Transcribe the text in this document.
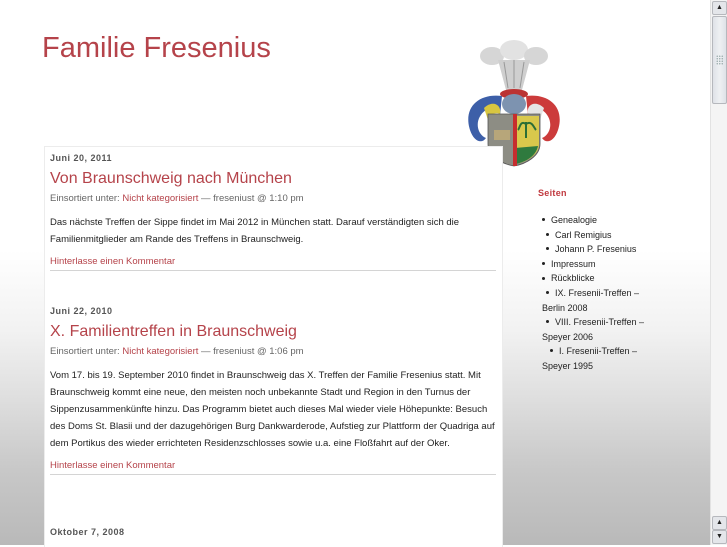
Familie Fresenius
Juni 20, 2011
Von Braunschweig nach München
Einsortiert unter: Nicht kategorisiert — freseniust @ 1:10 pm
Das nächste Treffen der Sippe findet im Mai 2012 in München statt. Darauf verständigten sich die Familienmitglieder am Rande des Treffens in Braunschweig.
Hinterlasse einen Kommentar
Juni 22, 2010
X. Familientreffen in Braunschweig
Einsortiert unter: Nicht kategorisiert — freseniust @ 1:06 pm
Vom 17. bis 19. September 2010 findet in Braunschweig das X. Treffen der Familie Fresenius statt. Mit Braunschweig kommt eine neue, den meisten noch unbekannte Stadt und Region in den Turnus der Sippenzusammenkünfte hinzu. Das Programm bietet auch dieses Mal wieder viele Höhepunkte: Besuch des Doms St. Blasii und der dazugehörigen Burg Dankwarderode, Aufstieg zur Plattform der Quadriga auf dem Portikus des wieder errichteten Residenzschlosses sowie u.a. eine Floßfahrt auf der Oker.
Hinterlasse einen Kommentar
Oktober 7, 2008
Seiten
Genealogie
Carl Remigius
Johann P. Fresenius
Impressum
Rückblicke
IX. Fresenii-Treffen –
Berlin 2008
VIII. Fresenii-Treffen –
Speyer 2006
I. Fresenii-Treffen –
Speyer 1995
▲
▲
▼
